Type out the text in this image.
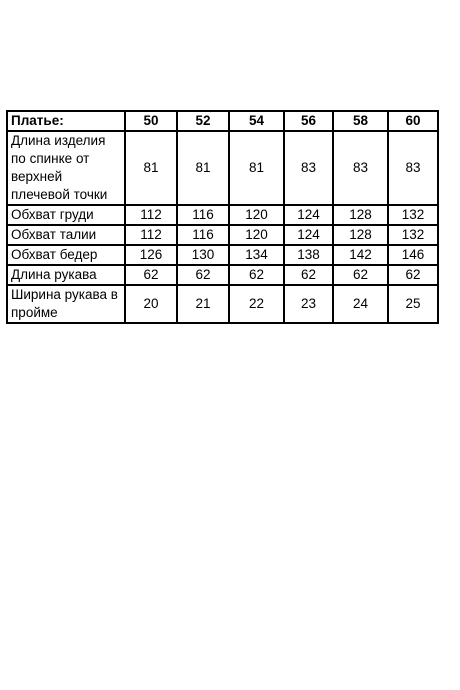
Платье:	50	52	54	56	58	60
Длина изделия по спинке от верхней плечевой точки	81	81	81	83	83	83
Обхват груди	112	116	120	124	128	132
Обхват талии	112	116	120	124	128	132
Обхват бедер	126	130	134	138	142	146
Длина рукава	62	62	62	62	62	62
Ширина рукава в пройме	20	21	22	23	24	25
